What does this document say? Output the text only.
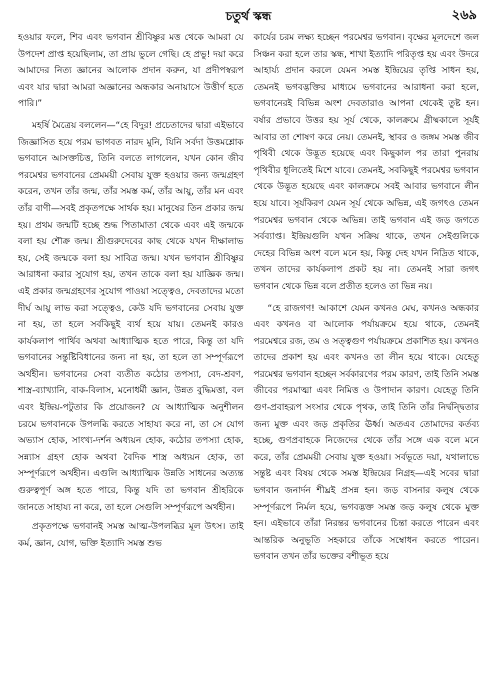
চতুর্থ স্কন্ধ	২৬৯

হওয়ার ফলে, শিব এবং ভগবান শ্রীবিষ্ণুর মত্ত থেকে আমরা যে উপদেশ প্রাপ্ত হয়েছিলাম, তা প্রায় ভুলে গেছি। হে প্রভু! দয়া করে আমাদের নিত্য জ্ঞানের আলোক প্রদান করুন, যা প্রদীপস্বরূপ এবং যার দ্বারা আমরা অজ্ঞানের অন্ধকার অনায়াসে উত্তীর্ণ হতে পারি।”

মহর্ষি মৈত্রেয় বললেন—“হে বিদুর! প্রচেতাদের দ্বারা এইভাবে জিজ্ঞাসিত হয়ে পরম ভাগবত নারদ মুনি, যিনি সর্বদা উত্তমশ্লোক ভগবানে আসক্তচিত্ত, তিনি বলতে লাগলেন, যখন কোন জীব পরমেশ্বর ভগবানের প্রেমময়ী সেবায় যুক্ত হওয়ার জন্য জন্মগ্রহণ করেন, তখন তাঁর জন্ম, তাঁর সমস্ত কর্ম, তাঁর আয়ু, তাঁর মন এবং তাঁর বাণী—সবই প্রকৃতপক্ষে সার্থক হয়। মানুষের তিন প্রকার জন্ম হয়। প্রথম জন্মটি হচ্ছে শুদ্ধ পিতামাতা থেকে এবং এই জন্মকে বলা হয় শৌক্র জন্ম। শ্রীগুরুদেবের কাছ থেকে যখন দীক্ষালাভ হয়, সেই জন্মকে বলা হয় সাবিত্র জন্ম। যখন ভগবান শ্রীবিষ্ণুর আরাধনা করার সুযোগ হয়, তখন তাকে বলা হয় যাজ্ঞিক জন্ম। এই প্রকার জন্মগ্রহণের সুযোগ পাওয়া সত্ত্বেও, দেবতাদের মতো দীর্ঘ আয়ু লাভ করা সত্ত্বেও, কেউ যদি ভগবানের সেবায় যুক্ত না হয়, তা হলে সর্বকিছুই ব্যর্থ হয়ে যায়। তেমনই কারও কার্যকলাপ পার্থিব অথবা আধ্যাত্মিক হতে পারে, কিন্তু তা যদি ভগবানের সন্তুষ্টিবিধানের জন্য না হয়, তা হলে তা সম্পূর্ণরূপে অর্থহীন। ভগবানের সেবা ব্যতীত কঠোর তপস্যা, বেদ-শ্রবণ, শাস্ত্র-ব্যাখ্যানি, বাক-বিলাস, মনোধর্মী জ্ঞান, উন্নত বুদ্ধিমত্তা, বল এবং ইন্দ্রিয়-পটুতার কি প্রয়োজন? যে আধ্যাত্মিক অনুশীলন চরমে ভগবানকে উপলব্ধি করতে সাহায্য করে না, তা সে যোগ অভ্যাস হোক, সাংখ্য-দর্শন অধ্যয়ন হোক, কঠোর তপস্যা হোক, সন্ন্যাস গ্রহণ হোক অথবা বৈদিক শাস্ত্র অধ্যয়ন হোক, তা সম্পূর্ণরূপে অর্থহীন। এগুলি আধ্যাত্মিক উন্নতি সাধনের অত্যন্ত গুরুত্বপূর্ণ অঙ্গ হতে পারে, কিন্তু যদি তা ভগবান শ্রীহরিকে জানতে সাহায্য না করে, তা হলে সেগুলি সম্পূর্ণরূপে অর্থহীন।

প্রকৃতপক্ষে ভগবানই সমস্ত আত্ম-উপলব্ধির মূল উৎস। তাই কর্ম, জ্ঞান, যোগ, ভক্তি ইত্যাদি সমস্ত শুভ

কার্যের চরম লক্ষ্য হচ্ছেন পরমেশ্বর ভগবান। বৃক্ষের মূলদেশে জল সিঞ্চন করা হলে তার স্কন্ধ, শাখা ইত্যাদি পরিতৃপ্ত হয় এবং উদরে আহার্য্য প্রদান করলে যেমন সমস্ত ইন্দ্রিয়ের তৃপ্তি সাধন হয়, তেমনই ভগবদ্ভক্তির মাধ্যমে ভগবানের আরাধনা করা হলে, ভগবানেরই বিভিন্ন অংশ দেবতারাও আপনা থেকেই তুষ্ট হন। বর্ষার প্রভাবে উত্তর হয় সূর্য থেকে, কালক্রমে গ্রীষ্মকালে সূর্যই আবার তা শোষণ করে নেয়। তেমনই, স্থাবর ও জঙ্গম সমস্ত জীব পৃথিবী থেকে উদ্ভূত হয়েছে এবং কিছুকাল পর তারা পুনরায় পৃথিবীর ধূলিতেই মিশে যাবে। তেমনই, সবকিছুই পরমেশ্বর ভগবান থেকে উদ্ভূত হয়েছে এবং কালক্রমে সবই আবার ভগবানে লীন হয়ে যাবে। সূর্যকিরণ যেমন সূর্য থেকে অভিন্ন, এই জগৎও তেমন পরমেশ্বর ভগবান থেকে অভিন্ন। তাই ভগবান এই জড় জগতে সর্বব্যাপ্ত। ইন্দ্রিয়গুলি যখন সক্রিয় থাকে, তখন সেইগুলিকে দেহের বিভিন্ন অংশ বলে মনে হয়, কিন্তু দেহ যখন নিদ্রিত থাকে, তখন তাদের কার্যকলাপ প্রকট হয় না। তেমনই সারা জগৎ ভগবান থেকে ভিন্ন বলে প্রতীত হলেও তা ভিন্ন নয়।

“হে রাজগণ! আকাশে যেমন কখনও মেঘ, কখনও অন্ধকার এবং কখনও বা আলোক পর্যায়ক্রমে হয়ে থাকে, তেমনই পরমেশ্বরে রজ, তম ও সত্ত্বগুণ পর্যায়ক্রমে প্রকাশিত হয়। কখনও তাদের প্রকাশ হয় এবং কখনও তা লীন হয়ে থাকে। যেহেতু পরমেশ্বর ভগবান হচ্ছেন সর্বকারণের পরম কারণ, তাই তিনি সমস্ত জীবের পরমাত্মা এবং নিমিত্ত ও উপাদান কারণ। যেহেতু তিনি গুণ-প্রবাহরূপ সংসার থেকে পৃথক, তাই তিনি তাঁর নির্দ্বন্দ্বিতার জন্য মুক্ত এবং জড় প্রকৃতির ঊর্ধ্ব। অতএব তোমাদের কর্তব্য হচ্ছে, গুণপ্রবাহকে নিজেদের থেকে তাঁর সঙ্গে এক বলে মনে করে, তাঁর প্রেমময়ী সেবায় যুক্ত হওয়া। সর্বভূতে দয়া, যথালাভে সন্তুষ্ট এবং বিষয় থেকে সমস্ত ইন্দ্রিয়ের নিগ্রহ—এই সবের দ্বারা ভগবান জনার্দন শীঘ্রই প্রসন্ন হন। জড় বাসনার কলুষ থেকে সম্পূর্ণরূপে নির্মল হয়ে, ভগবদ্ভক্ত সমস্ত জড় কলুষ থেকে মুক্ত হন। এইভাবে তাঁরা নিরন্তর ভগবানের চিন্তা করতে পারেন এবং আন্তরিক অনুভূতি সহকারে তাঁকে সম্বোধন করতে পারেন। ভগবান তখন তাঁর ভক্তের বশীভূত হয়ে
